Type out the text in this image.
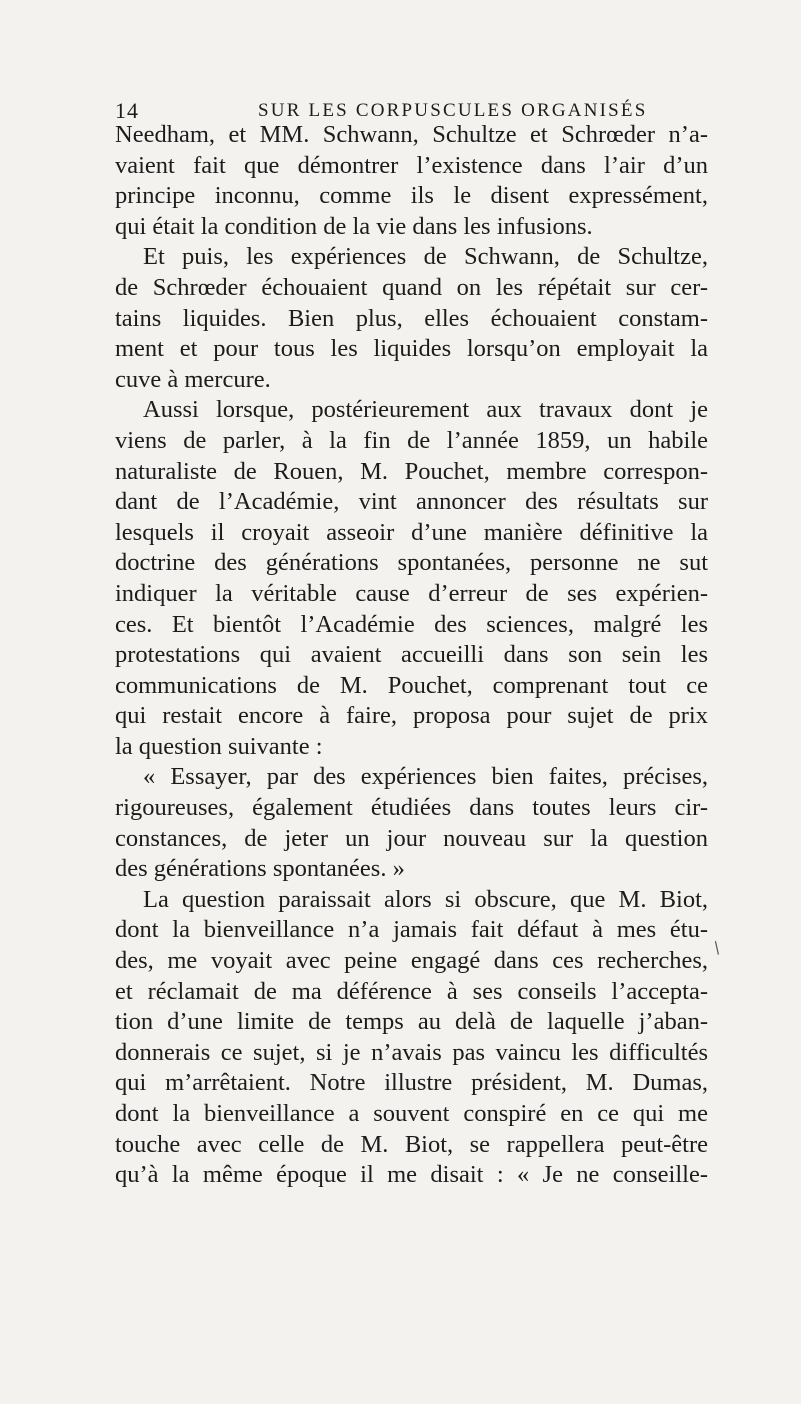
14	SUR LES CORPUSCULES ORGANISÉS
Needham, et MM. Schwann, Schultze et Schrœder n’a-
vaient fait que démontrer l’existence dans l’air d’un
principe inconnu, comme ils le disent expressément,
qui était la condition de la vie dans les infusions.
Et puis, les expériences de Schwann, de Schultze,
de Schrœder échouaient quand on les répétait sur cer-
tains liquides. Bien plus, elles échouaient constam-
ment et pour tous les liquides lorsqu’on employait la
cuve à mercure.
Aussi lorsque, postérieurement aux travaux dont je
viens de parler, à la fin de l’année 1859, un habile
naturaliste de Rouen, M. Pouchet, membre correspon-
dant de l’Académie, vint annoncer des résultats sur
lesquels il croyait asseoir d’une manière définitive la
doctrine des générations spontanées, personne ne sut
indiquer la véritable cause d’erreur de ses expérien-
ces. Et bientôt l’Académie des sciences, malgré les
protestations qui avaient accueilli dans son sein les
communications de M. Pouchet, comprenant tout ce
qui restait encore à faire, proposa pour sujet de prix
la question suivante :
« Essayer, par des expériences bien faites, précises,
rigoureuses, également étudiées dans toutes leurs cir-
constances, de jeter un jour nouveau sur la question
des générations spontanées. »
La question paraissait alors si obscure, que M. Biot,
dont la bienveillance n’a jamais fait défaut à mes étu-
des, me voyait avec peine engagé dans ces recherches,
et réclamait de ma déférence à ses conseils l’accepta-
tion d’une limite de temps au delà de laquelle j’aban-
donnerais ce sujet, si je n’avais pas vaincu les difficultés
qui m’arrêtaient. Notre illustre président, M. Dumas,
dont la bienveillance a souvent conspiré en ce qui me
touche avec celle de M. Biot, se rappellera peut-être
qu’à la même époque il me disait : « Je ne conseille-
/
